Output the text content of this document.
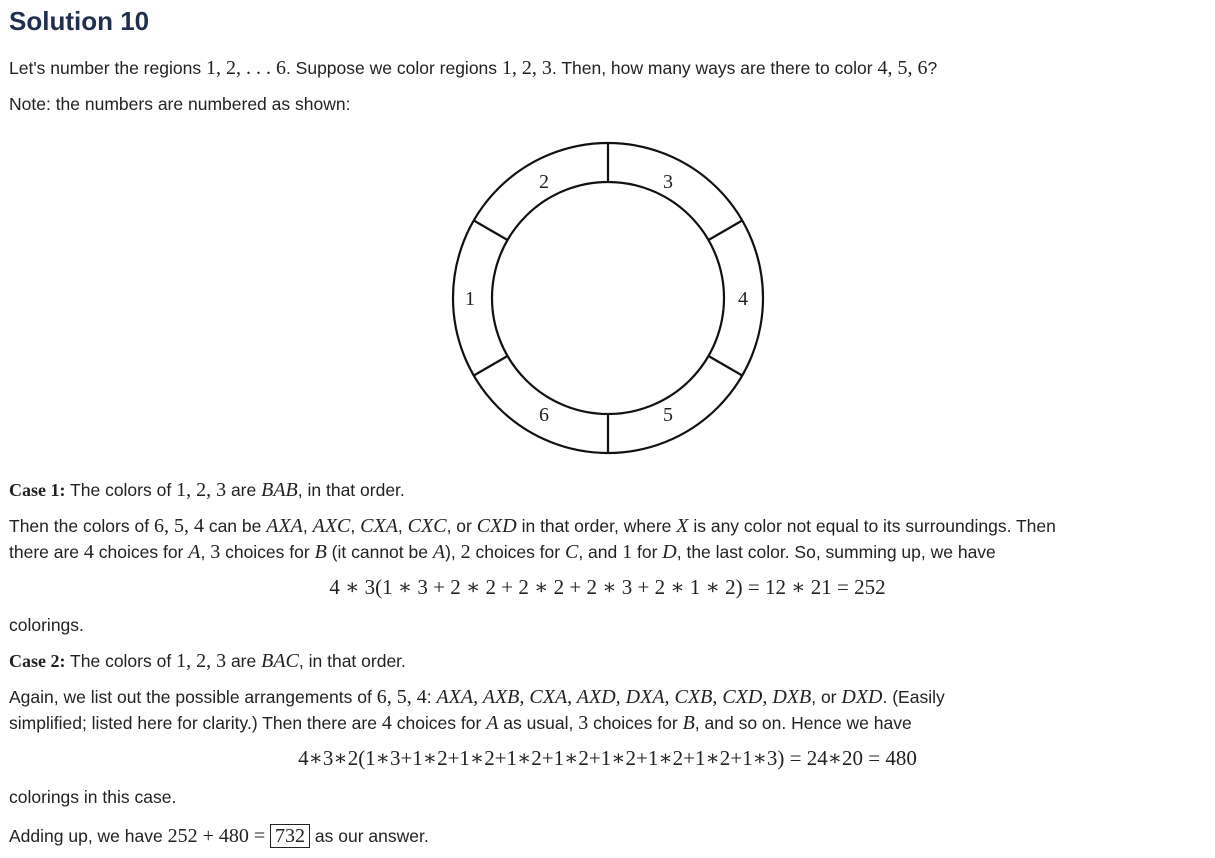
Solution 10
Let's number the regions 1, 2, . . . 6. Suppose we color regions 1, 2, 3. Then, how many ways are there to color 4, 5, 6?
Note: the numbers are numbered as shown:
1
2	3
4
5
6
Case 1: The colors of 1, 2, 3 are BAB, in that order.
Then the colors of 6, 5, 4 can be AXA, AXC, CXA, CXC, or CXD in that order, where X is any color not equal to its surroundings. Then
there are 4 choices for A, 3 choices for B (it cannot be A), 2 choices for C, and 1 for D, the last color. So, summing up, we have
4 ∗ 3(1 ∗ 3 + 2 ∗ 2 + 2 ∗ 2 + 2 ∗ 3 + 2 ∗ 1 ∗ 2) = 12 ∗ 21 = 252
colorings.
Case 2: The colors of 1, 2, 3 are BAC, in that order.
Again, we list out the possible arrangements of 6, 5, 4: AXA, AXB, CXA, AXD, DXA, CXB, CXD, DXB, or DXD. (Easily
simplified; listed here for clarity.) Then there are 4 choices for A as usual, 3 choices for B, and so on. Hence we have
4∗3∗2(1∗3+1∗2+1∗2+1∗2+1∗2+1∗2+1∗2+1∗2+1∗3) = 24∗20 = 480
colorings in this case.
Adding up, we have 252 + 480 = 732 as our answer.
